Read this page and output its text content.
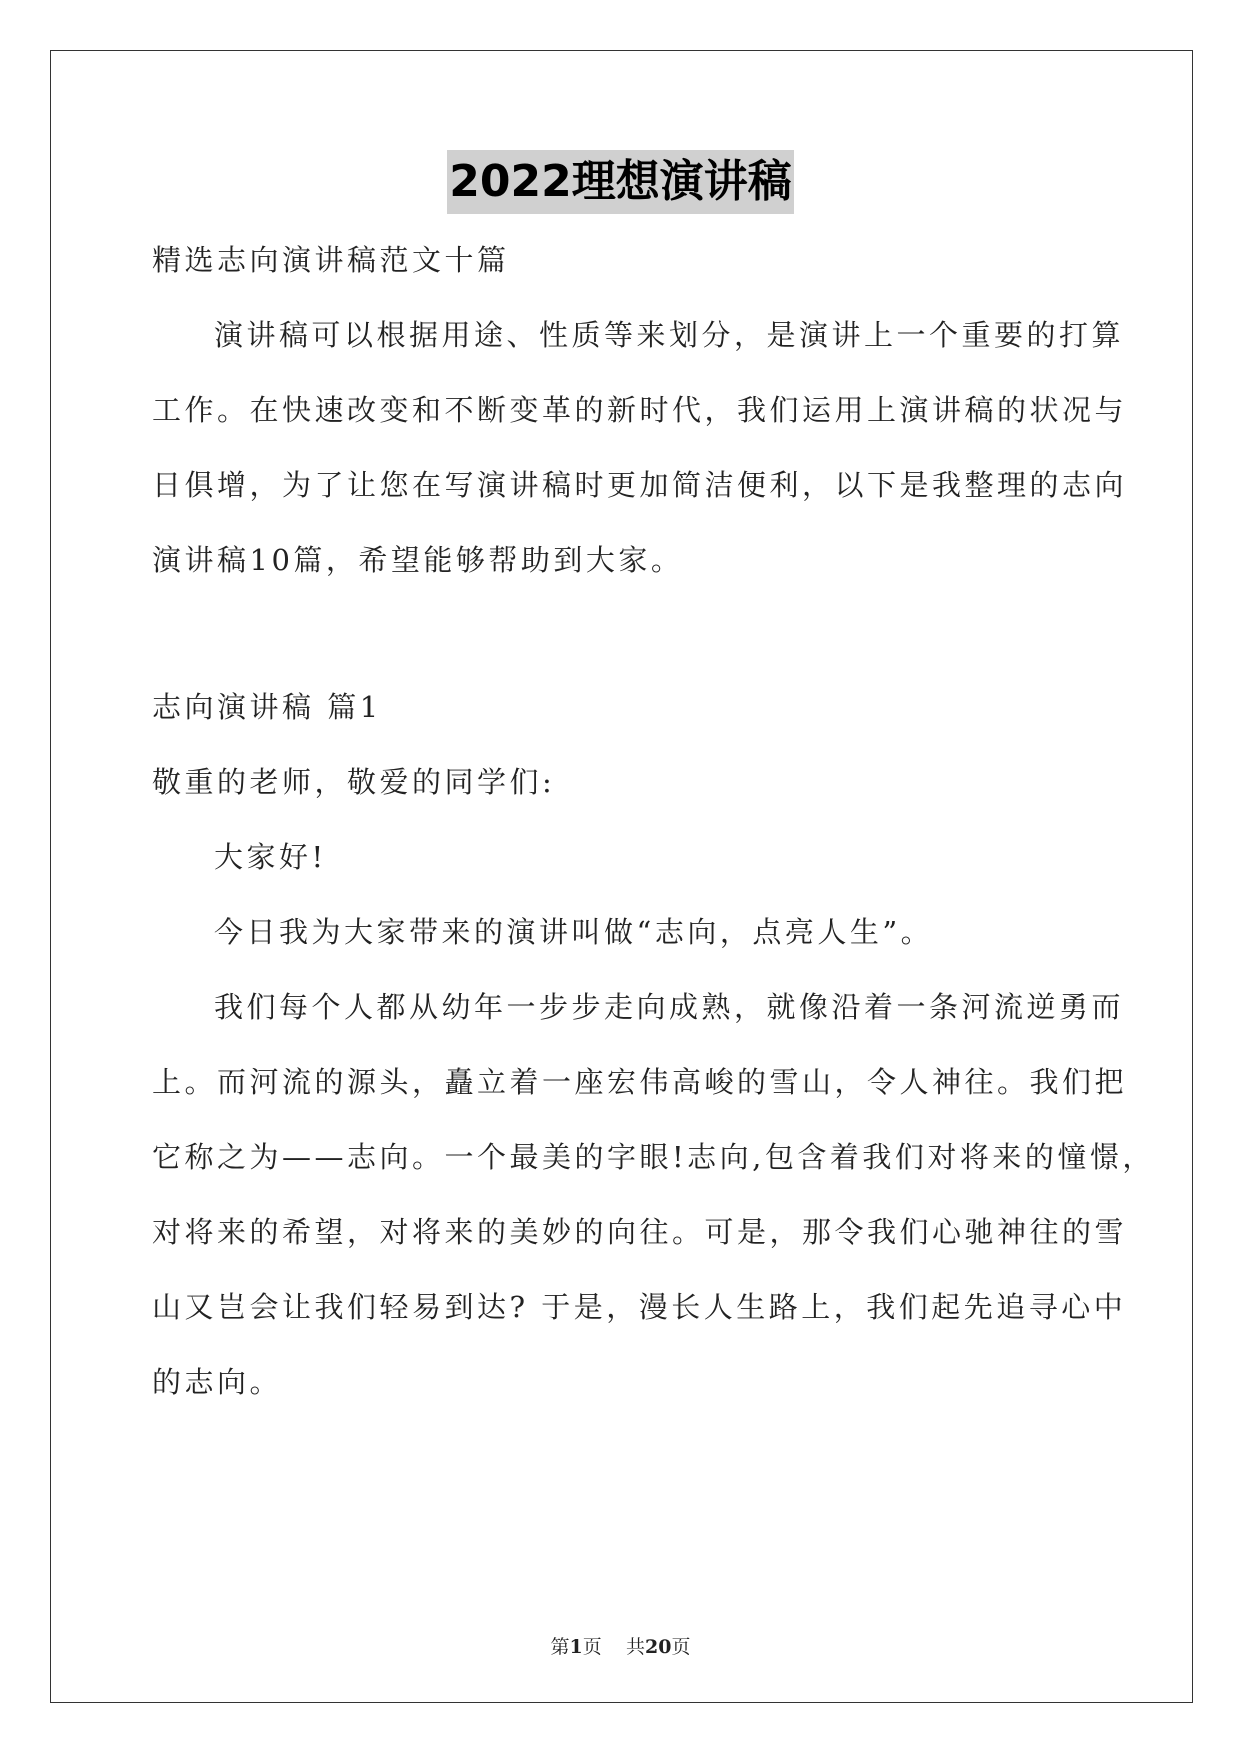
2022理想演讲稿
精选志向演讲稿范文十篇
演讲稿可以根据用途、性质等来划分，是演讲上一个重要的打算
工作。在快速改变和不断变革的新时代，我们运用上演讲稿的状况与
日俱增，为了让您在写演讲稿时更加简洁便利，以下是我整理的志向
演讲稿10篇，希望能够帮助到大家。
志向演讲稿 篇1
敬重的老师，敬爱的同学们:
大家好!
今日我为大家带来的演讲叫做“志向，点亮人生”。
我们每个人都从幼年一步步走向成熟，就像沿着一条河流逆勇而
上。而河流的源头，矗立着一座宏伟高峻的雪山，令人神往。我们把
它称之为——志向。一个最美的字眼!志向,包含着我们对将来的憧憬，
对将来的希望，对将来的美妙的向往。可是，那令我们心驰神往的雪
山又岂会让我们轻易到达? 于是，漫长人生路上，我们起先追寻心中
的志向。
第1页 共20页
